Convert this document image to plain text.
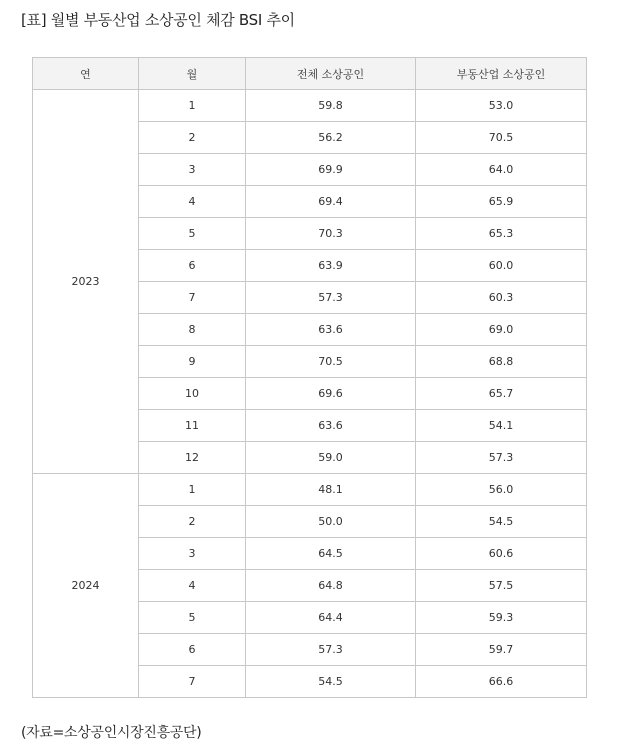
[표] 월별 부동산업 소상공인 체감 BSI 추이
연	월	전체 소상공인	부동산업 소상공인
2023	1	59.8	53.0
	2	56.2	70.5
	3	69.9	64.0
	4	69.4	65.9
	5	70.3	65.3
	6	63.9	60.0
	7	57.3	60.3
	8	63.6	69.0
	9	70.5	68.8
	10	69.6	65.7
	11	63.6	54.1
	12	59.0	57.3
2024	1	48.1	56.0
	2	50.0	54.5
	3	64.5	60.6
	4	64.8	57.5
	5	64.4	59.3
	6	57.3	59.7
	7	54.5	66.6
(자료=소상공인시장진흥공단)
